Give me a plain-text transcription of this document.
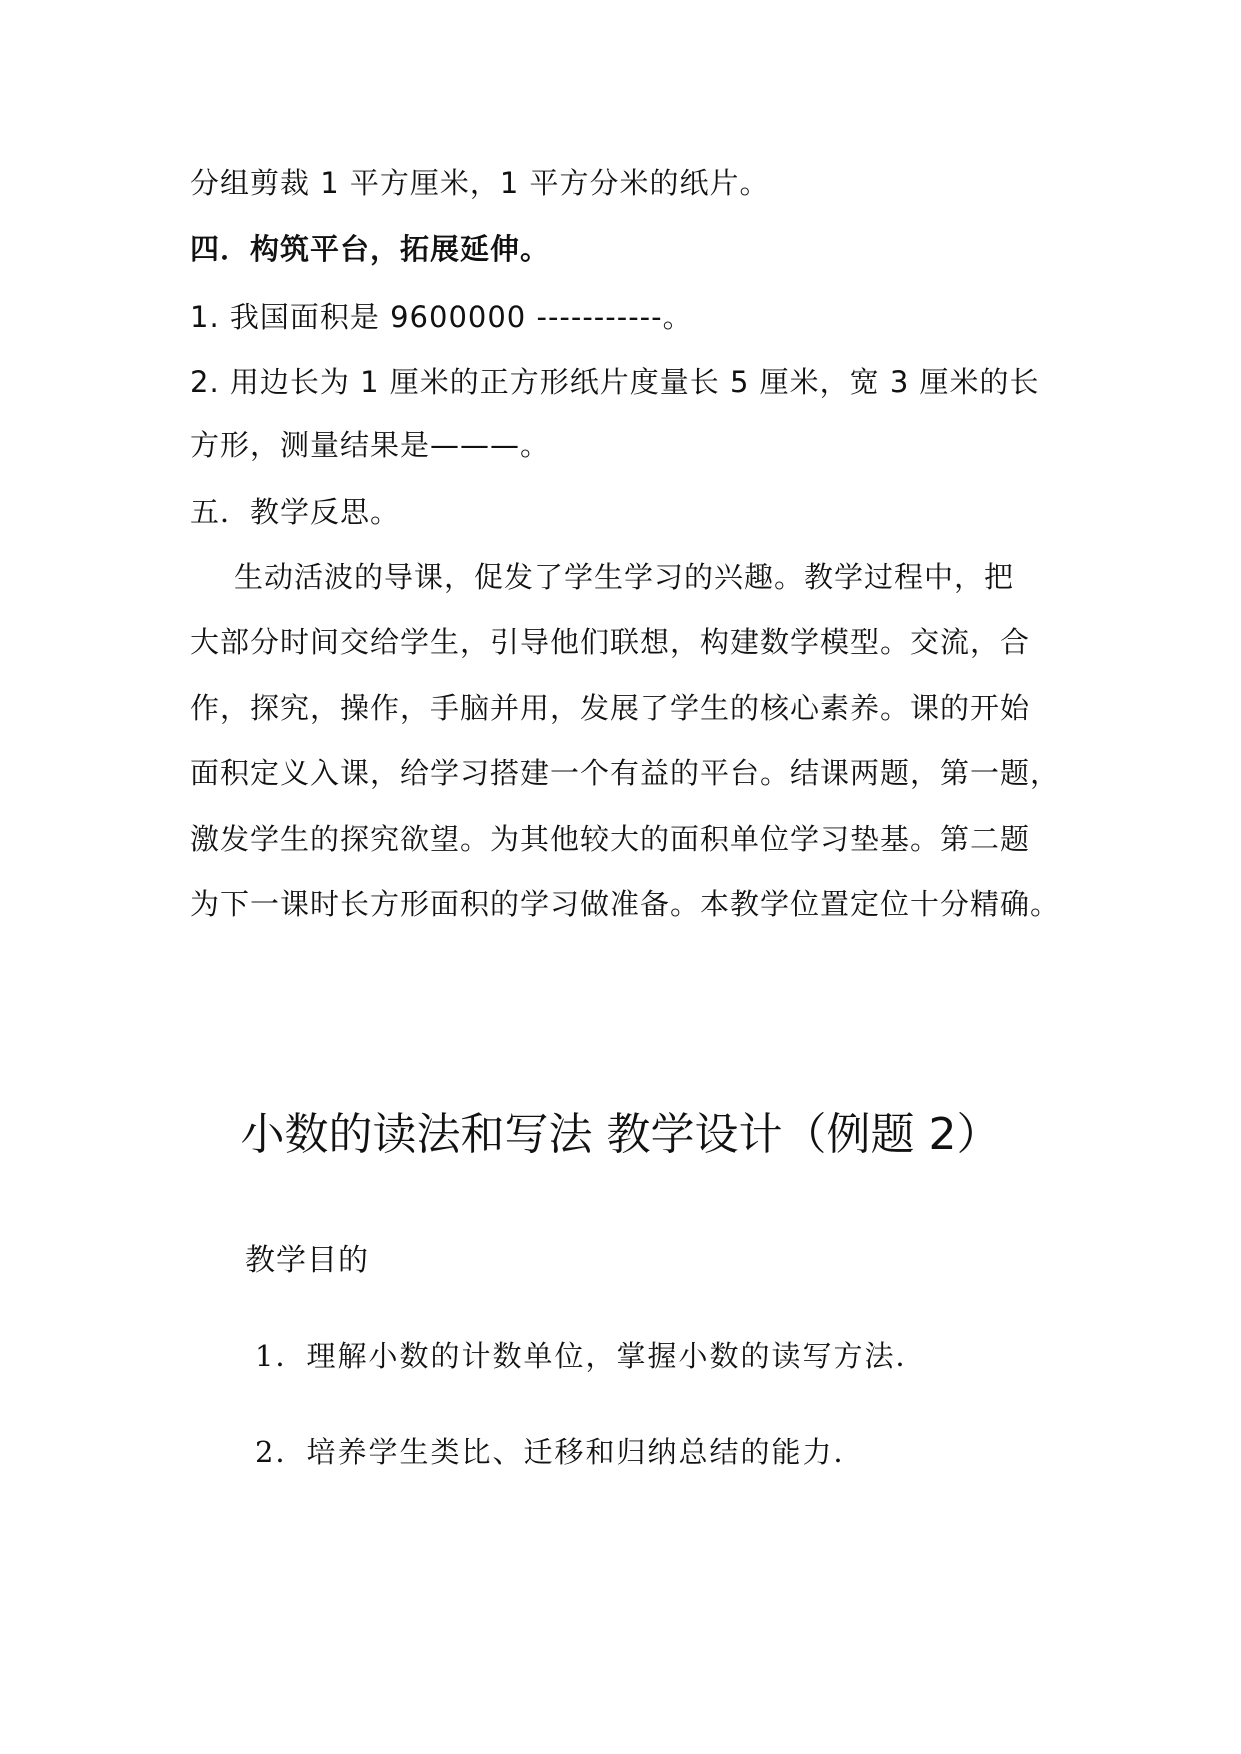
分组剪裁 1 平方厘米，1 平方分米的纸片。
四．构筑平台，拓展延伸。
1. 我国面积是 9600000 -----------。
2. 用边长为 1 厘米的正方形纸片度量长 5 厘米，宽 3 厘米的长
方形，测量结果是———。
五．教学反思。
生动活波的导课，促发了学生学习的兴趣。教学过程中，把
大部分时间交给学生，引导他们联想，构建数学模型。交流，合
作，探究，操作，手脑并用，发展了学生的核心素养。课的开始
面积定义入课，给学习搭建一个有益的平台。结课两题，第一题，
激发学生的探究欲望。为其他较大的面积单位学习垫基。第二题
为下一课时长方形面积的学习做准备。本教学位置定位十分精确。
小数的读法和写法 教学设计（例题 2）
教学目的
1．理解小数的计数单位，掌握小数的读写方法．
2．培养学生类比、迁移和归纳总结的能力．
